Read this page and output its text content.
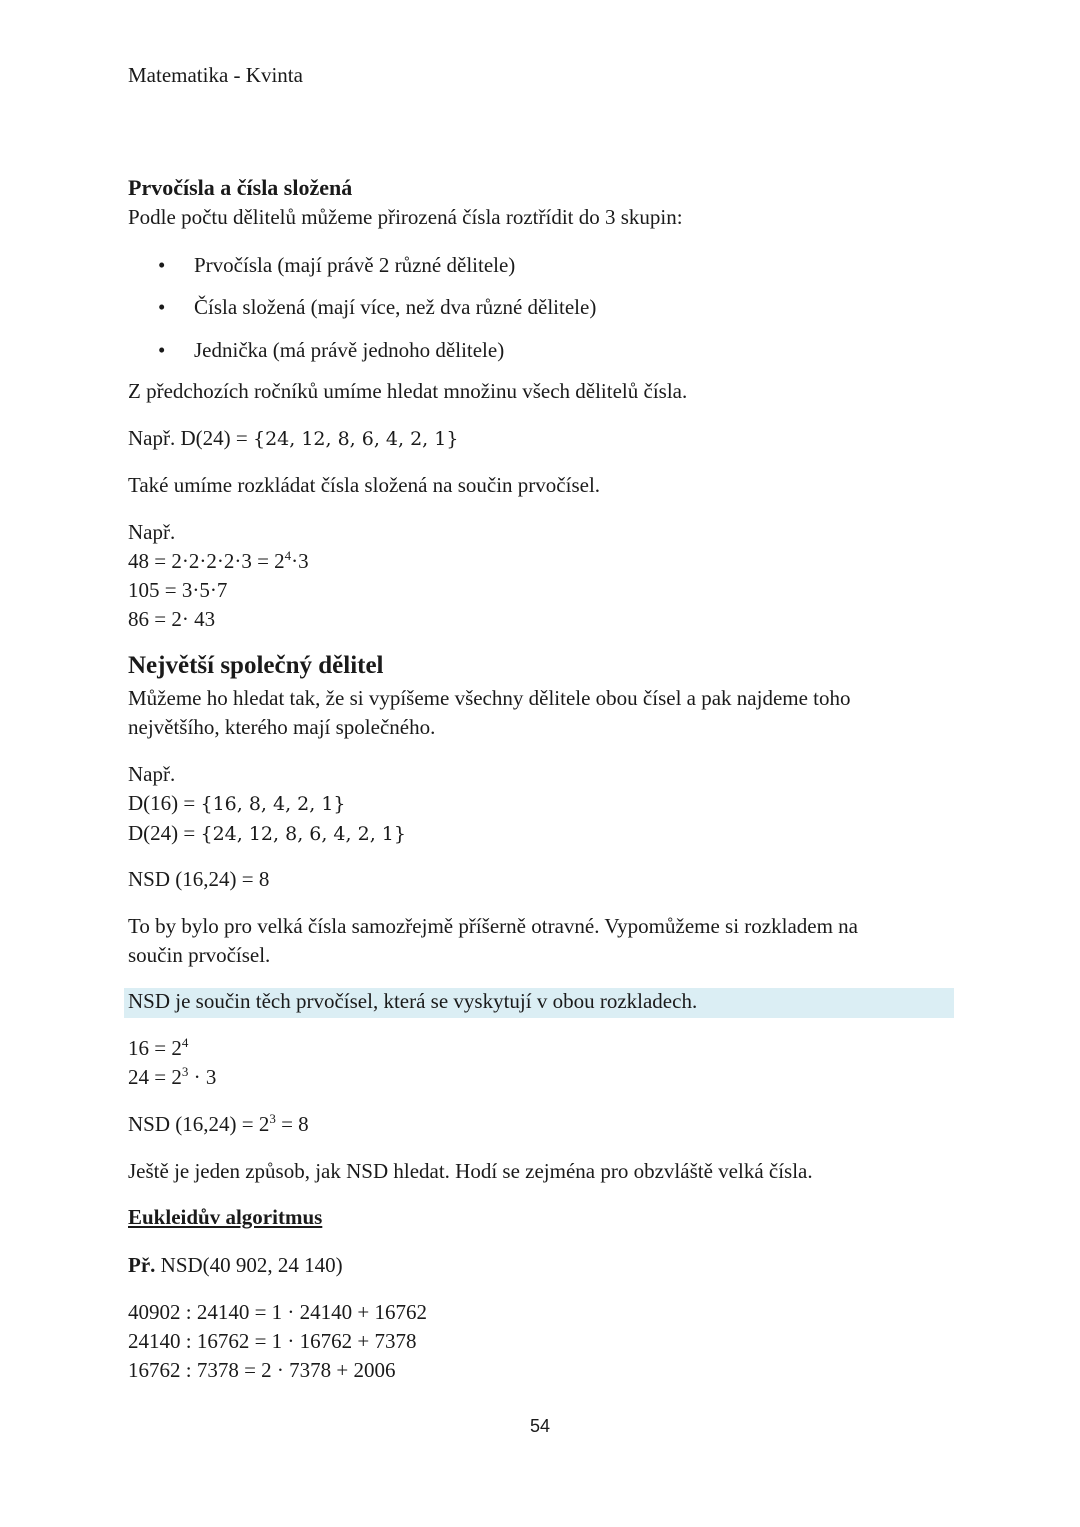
Matematika - Kvinta
Prvočísla a čísla složená
Podle počtu dělitelů můžeme přirozená čísla roztřídit do 3 skupin:
• Prvočísla (mají právě 2 různé dělitele)
• Čísla složená (mají více, než dva různé dělitele)
• Jednička (má právě jednoho dělitele)
Z předchozích ročníků umíme hledat množinu všech dělitelů čísla.
Např. D(24) = {24, 12, 8, 6, 4, 2, 1}
Také umíme rozkládat čísla složená na součin prvočísel.
Např.
$48 = 2\cdot 2\cdot 2\cdot 2\cdot 3 = 2^4\cdot 3$
105 = 3·5·7
86 = 2· 43
Největší společný dělitel
Můžeme ho hledat tak, že si vypíšeme všechny dělitele obou čísel a pak najdeme toho
největšího, kterého mají společného.
Např.
D(16) = {16, 8, 4, 2, 1}
D(24) = {24, 12, 8, 6, 4, 2, 1}
NSD (16,24) = 8
To by bylo pro velká čísla samozřejmě příšerně otravné. Vypomůžeme si rozkladem na
součin prvočísel.
NSD je součin těch prvočísel, která se vyskytují v obou rozkladech.
$16 = 2^4$
$24 = 2^3 \cdot 3$
NSD $(16,24) = 2^3 = 8$
Ještě je jeden způsob, jak NSD hledat. Hodí se zejména pro obzvláště velká čísla.
Eukleidův algoritmus
Př. NSD(40 902, 24 140)
40902 : 24140 = 1 · 24140 + 16762
24140 : 16762 = 1 · 16762 + 7378
16762 : 7378 = 2 · 7378 + 2006
54
